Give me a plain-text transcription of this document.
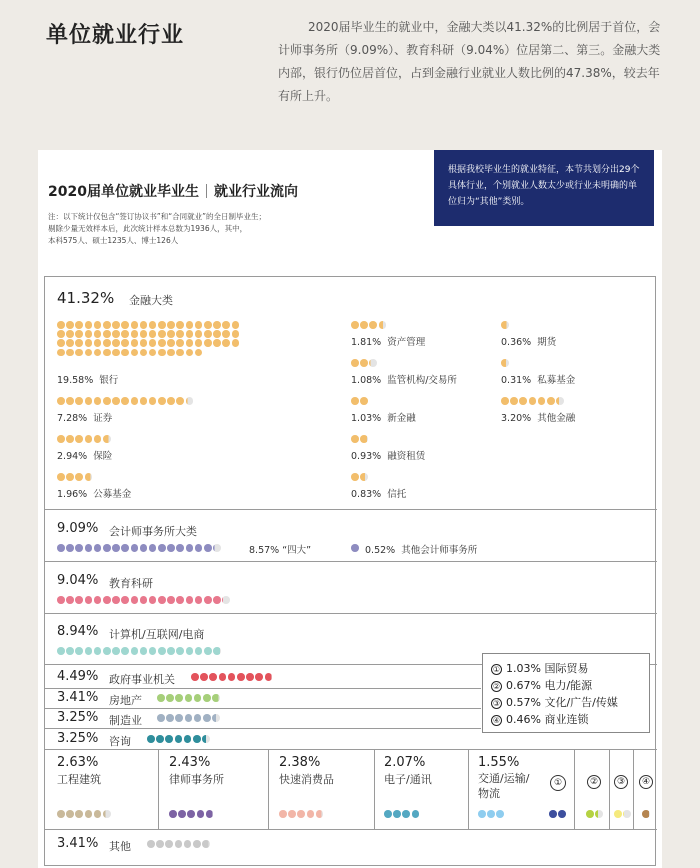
单位就业行业	2020届毕业生的就业中，金融大类以41.32%的比例居于首位，会计师事务所（9.09%）、教育科研（9.04%）位居第二、第三。金融大类内部，银行仍位居首位，占到金融行业就业人数比例的47.38%，较去年有所上升。
2020届单位就业毕业生 就业行业流向
注：以下统计仅包含“签订协议书”和“合同就业”的全日制毕业生；
剔除少量无效样本后，此次统计样本总数为1936人，其中，
本科575人、硕士1235人、博士126人
根据我校毕业生的就业特征，本节共划分出29个具体行业，个别就业人数太少或行业未明确的单位归为“其他”类别。
41.32% 金融大类
19.58% 银行
7.28% 证券
2.94% 保险
1.96% 公募基金
1.81% 资产管理
1.08% 监管机构/交易所
1.03% 新金融
0.93% 融资租赁
0.83% 信托
0.36% 期货
0.31% 私募基金
3.20% 其他金融
9.09% 会计师事务所大类
8.57% “四大”	0.52% 其他会计师事务所
9.04% 教育科研
8.94% 计算机/互联网/电商
4.49% 政府事业机关
3.41% 房地产
3.25% 制造业
3.25% 咨询
2.63%
工程建筑
2.43%
律师事务所
2.38%
快速消费品
2.07%
电子/通讯
1.55%
交通/运输/物流
①	②	③	④
3.41% 其他
① 1.03% 国际贸易
② 0.67% 电力/能源
③ 0.57% 文化/广告/传媒
④ 0.46% 商业连锁
